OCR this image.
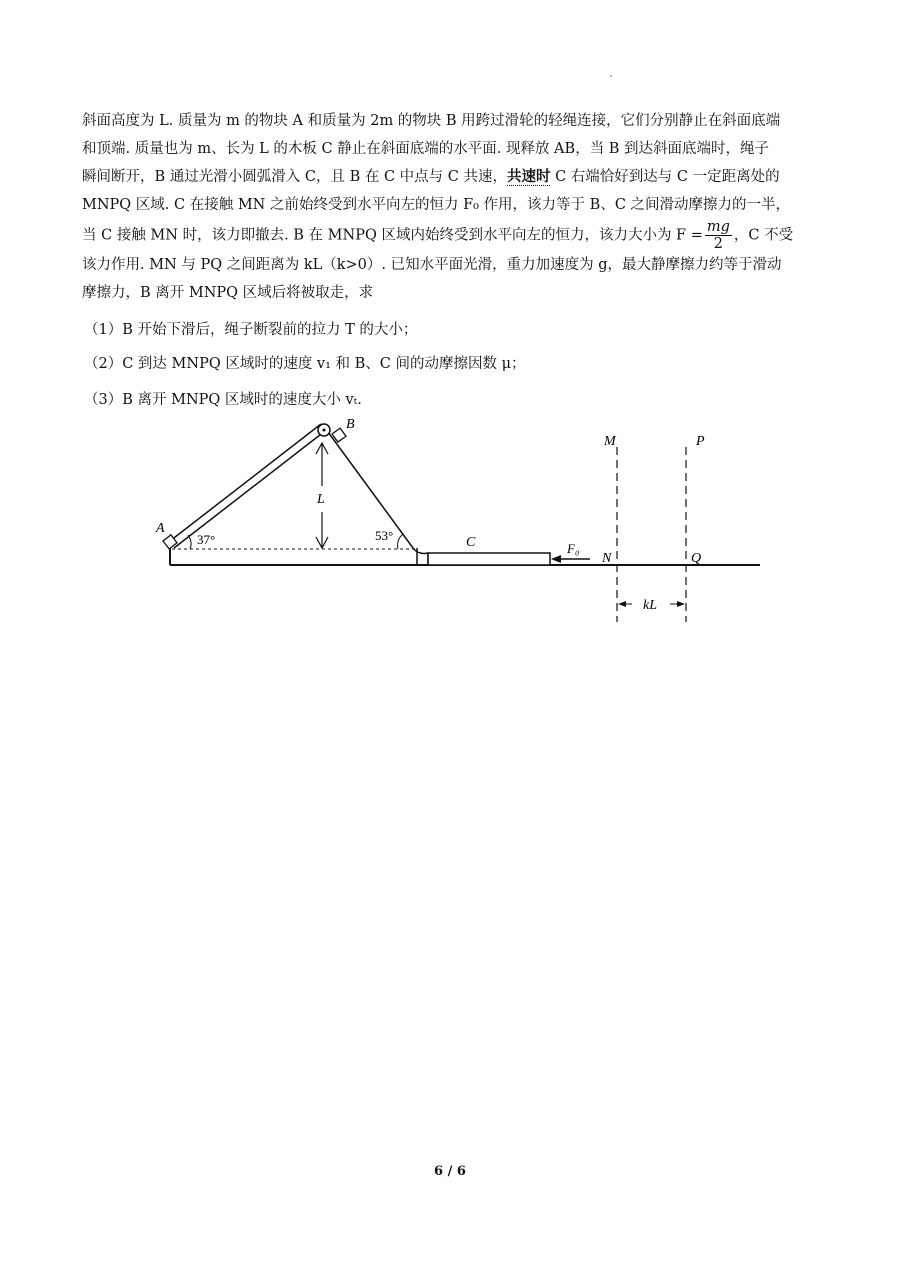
斜面高度为 L. 质量为 m 的物块 A 和质量为 2m 的物块 B 用跨过滑轮的轻绳连接，它们分别静止在斜面底端
和顶端. 质量也为 m、长为 L 的木板 C 静止在斜面底端的水平面. 现释放 AB，当 B 到达斜面底端时，绳子
瞬间断开，B 通过光滑小圆弧滑入 C，且 B 在 C 中点与 C 共速，共速时 C 右端恰好到达与 C 一定距离处的
MNPQ 区域. C 在接触 MN 之前始终受到水平向左的恒力 F₀ 作用，该力等于 B、C 之间滑动摩擦力的一半，
当 C 接触 MN 时，该力即撤去. B 在 MNPQ 区域内始终受到水平向左的恒力，该力大小为 $F = \frac{mg}{2}$ ，C 不受
该力作用. MN 与 PQ 之间距离为 kL（k>0）. 已知水平面光滑，重力加速度为 g，最大静摩擦力约等于滑动
摩擦力，B 离开 MNPQ 区域后将被取走，求
（1）B 开始下滑后，绳子断裂前的拉力 T 的大小；
（2）C 到达 MNPQ 区域时的速度 v₁ 和 B、C 间的动摩擦因数 μ；
（3）B 离开 MNPQ 区域时的速度大小 vₜ.
B
A
L
37°	53°	C	F₀
M
N
P
Q
kL
6 / 6
